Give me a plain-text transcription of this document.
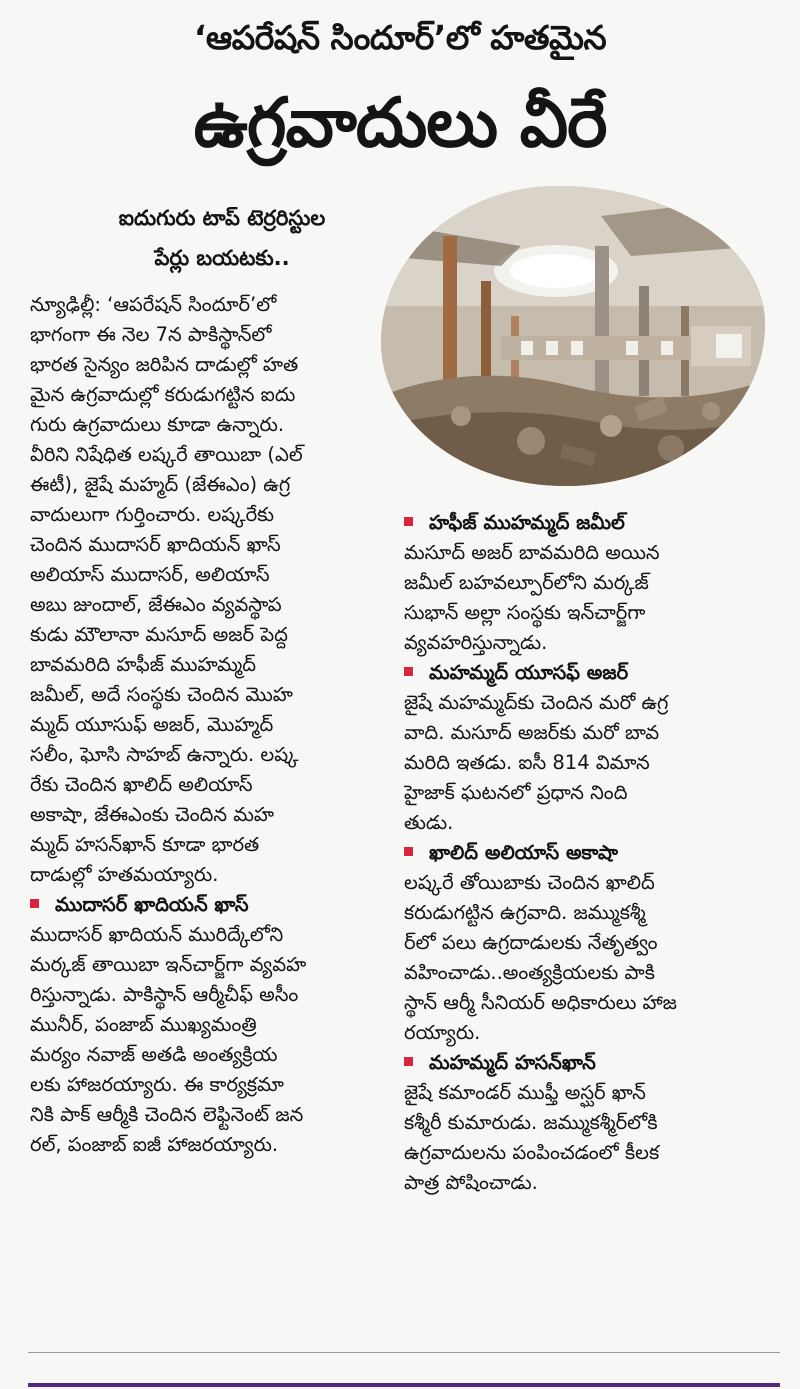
‘ఆపరేషన్ సిందూర్’లో హతమైన
ఉగ్రవాదులు వీరే
ఐదుగురు టాప్ టెర్రరిస్టుల
పేర్లు బయటకు..
న్యూఢిల్లీ: ‘ఆపరేషన్ సిందూర్’లో
భాగంగా ఈ నెల 7న పాకిస్థాన్‌లో
భారత సైన్యం జరిపిన దాడుల్లో హత
మైన ఉగ్రవాదుల్లో కరుడుగట్టిన ఐదు
గురు ఉగ్రవాదులు కూడా ఉన్నారు.
వీరిని నిషేధిత లష్కరే తాయిబా (ఎల్
ఈటీ), జైషే మహ్మద్ (జేఈఎం) ఉగ్ర
వాదులుగా గుర్తించారు. లష్కరేకు
చెందిన ముదాసర్ ఖాదియన్ ఖాస్
అలియాస్ ముదాసర్, అలియాస్
అబు జుందాల్, జేఈఎం వ్యవస్థాప
కుడు మౌలానా మసూద్ అజర్ పెద్ద
బావమరిది హఫీజ్ ముహమ్మద్
జమీల్, అదే సంస్థకు చెందిన మొహ
మ్మద్ యూసుఫ్ అజర్, మొహ్మద్
సలీం, ఘోసి సాహబ్ ఉన్నారు. లష్క
రేకు చెందిన ఖాలిద్ అలియాస్
అకాషా, జేఈఎంకు చెందిన మహ
మ్మద్ హసన్‌ఖాన్ కూడా భారత
దాడుల్లో హతమయ్యారు.
ముదాసర్ ఖాదియన్ ఖాస్
ముదాసర్ ఖాదియన్ మురిద్కేలోని
మర్కజ్ తాయిబా ఇన్‌చార్జ్‌గా వ్యవహ
రిస్తున్నాడు. పాకిస్థాన్ ఆర్మీచీఫ్ అసీం
మునీర్, పంజాబ్ ముఖ్యమంత్రి
మర్యం నవాజ్ అతడి అంత్యక్రియ
లకు హాజరయ్యారు. ఈ కార్యక్రమా
నికి పాక్ ఆర్మీకి చెందిన లెఫ్టినెంట్ జన
రల్, పంజాబ్ ఐజీ హాజరయ్యారు.
హఫీజ్ ముహమ్మద్ జమీల్
మసూద్ అజర్ బావమరిది అయిన
జమీల్ బహవల్పూర్‌లోని మర్కజ్
సుభాన్ అల్లా సంస్థకు ఇన్‌చార్జ్‌గా
వ్యవహరిస్తున్నాడు.
మహమ్మద్ యూసఫ్ అజర్
జైషే మహమ్మద్‌కు చెందిన మరో ఉగ్ర
వాది. మసూద్ అజర్‌కు మరో బావ
మరిది ఇతడు. ఐసీ 814 విమాన
హైజాక్ ఘటనలో ప్రధాన నింది
తుడు.
ఖాలిద్ అలియాస్ అకాషా
లష్కరే తోయిబాకు చెందిన ఖాలిద్
కరుడుగట్టిన ఉగ్రవాది. జమ్ముకశ్మీ
ర్‌లో పలు ఉగ్రదాడులకు నేతృత్వం
వహించాడు..అంత్యక్రియలకు పాకి
స్థాన్ ఆర్మీ సీనియర్ అధికారులు హాజ
రయ్యారు.
మహమ్మద్ హసన్‌ఖాన్
జైషే కమాండర్ ముఫ్తీ అస్ఘర్ ఖాన్
కశ్మీరీ కుమారుడు. జమ్ముకశ్మీర్‌లోకి
ఉగ్రవాదులను పంపించడంలో కీలక
పాత్ర పోషించాడు.
